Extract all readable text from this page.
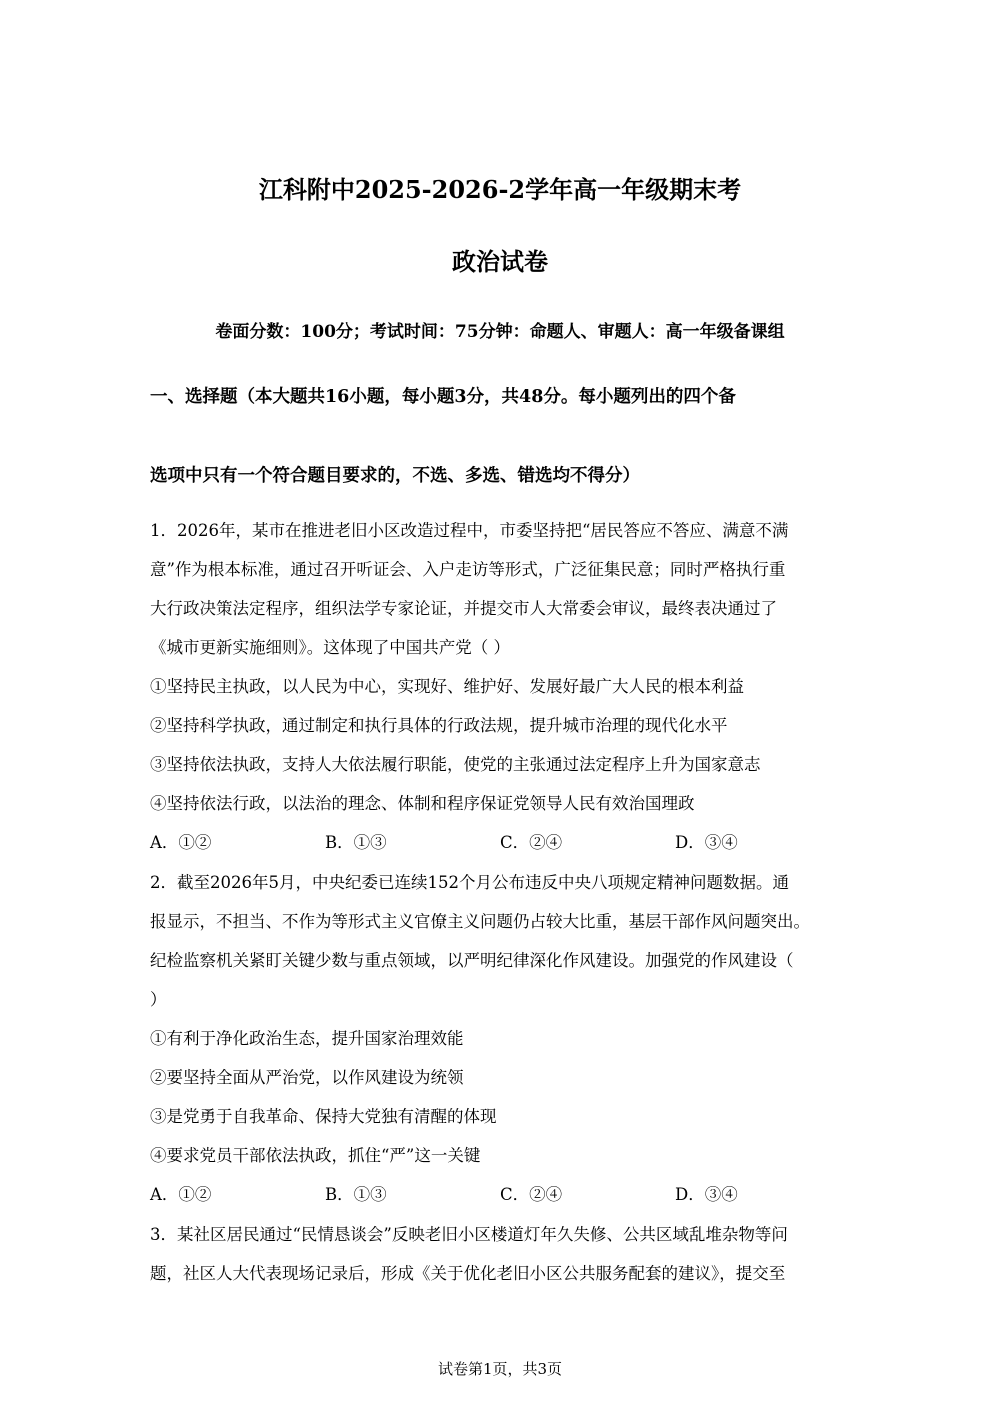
江科附中2025-2026-2学年高一年级期末考
政治试卷
卷面分数：100分；考试时间：75分钟：命题人、审题人：高一年级备课组
一、选择题（本大题共16小题，每小题3分，共48分。每小题列出的四个备
选项中只有一个符合题目要求的，不选、多选、错选均不得分）
1．2026年，某市在推进老旧小区改造过程中，市委坚持把“居民答应不答应、满意不满
意”作为根本标准，通过召开听证会、入户走访等形式，广泛征集民意；同时严格执行重
大行政决策法定程序，组织法学专家论证，并提交市人大常委会审议，最终表决通过了
《城市更新实施细则》。这体现了中国共产党（ ）
①坚持民主执政，以人民为中心，实现好、维护好、发展好最广大人民的根本利益
②坚持科学执政，通过制定和执行具体的行政法规，提升城市治理的现代化水平
③坚持依法执政，支持人大依法履行职能，使党的主张通过法定程序上升为国家意志
④坚持依法行政，以法治的理念、体制和程序保证党领导人民有效治国理政
A．①②	B．①③	C．②④	D．③④
2．截至2026年5月，中央纪委已连续152个月公布违反中央八项规定精神问题数据。通
报显示，不担当、不作为等形式主义官僚主义问题仍占较大比重，基层干部作风问题突出。
纪检监察机关紧盯关键少数与重点领域，以严明纪律深化作风建设。加强党的作风建设（
）
①有利于净化政治生态，提升国家治理效能
②要坚持全面从严治党，以作风建设为统领
③是党勇于自我革命、保持大党独有清醒的体现
④要求党员干部依法执政，抓住“严”这一关键
A．①②	B．①③	C．②④	D．③④
3．某社区居民通过“民情恳谈会”反映老旧小区楼道灯年久失修、公共区域乱堆杂物等问
题，社区人大代表现场记录后，形成《关于优化老旧小区公共服务配套的建议》，提交至
试卷第1页，共3页
